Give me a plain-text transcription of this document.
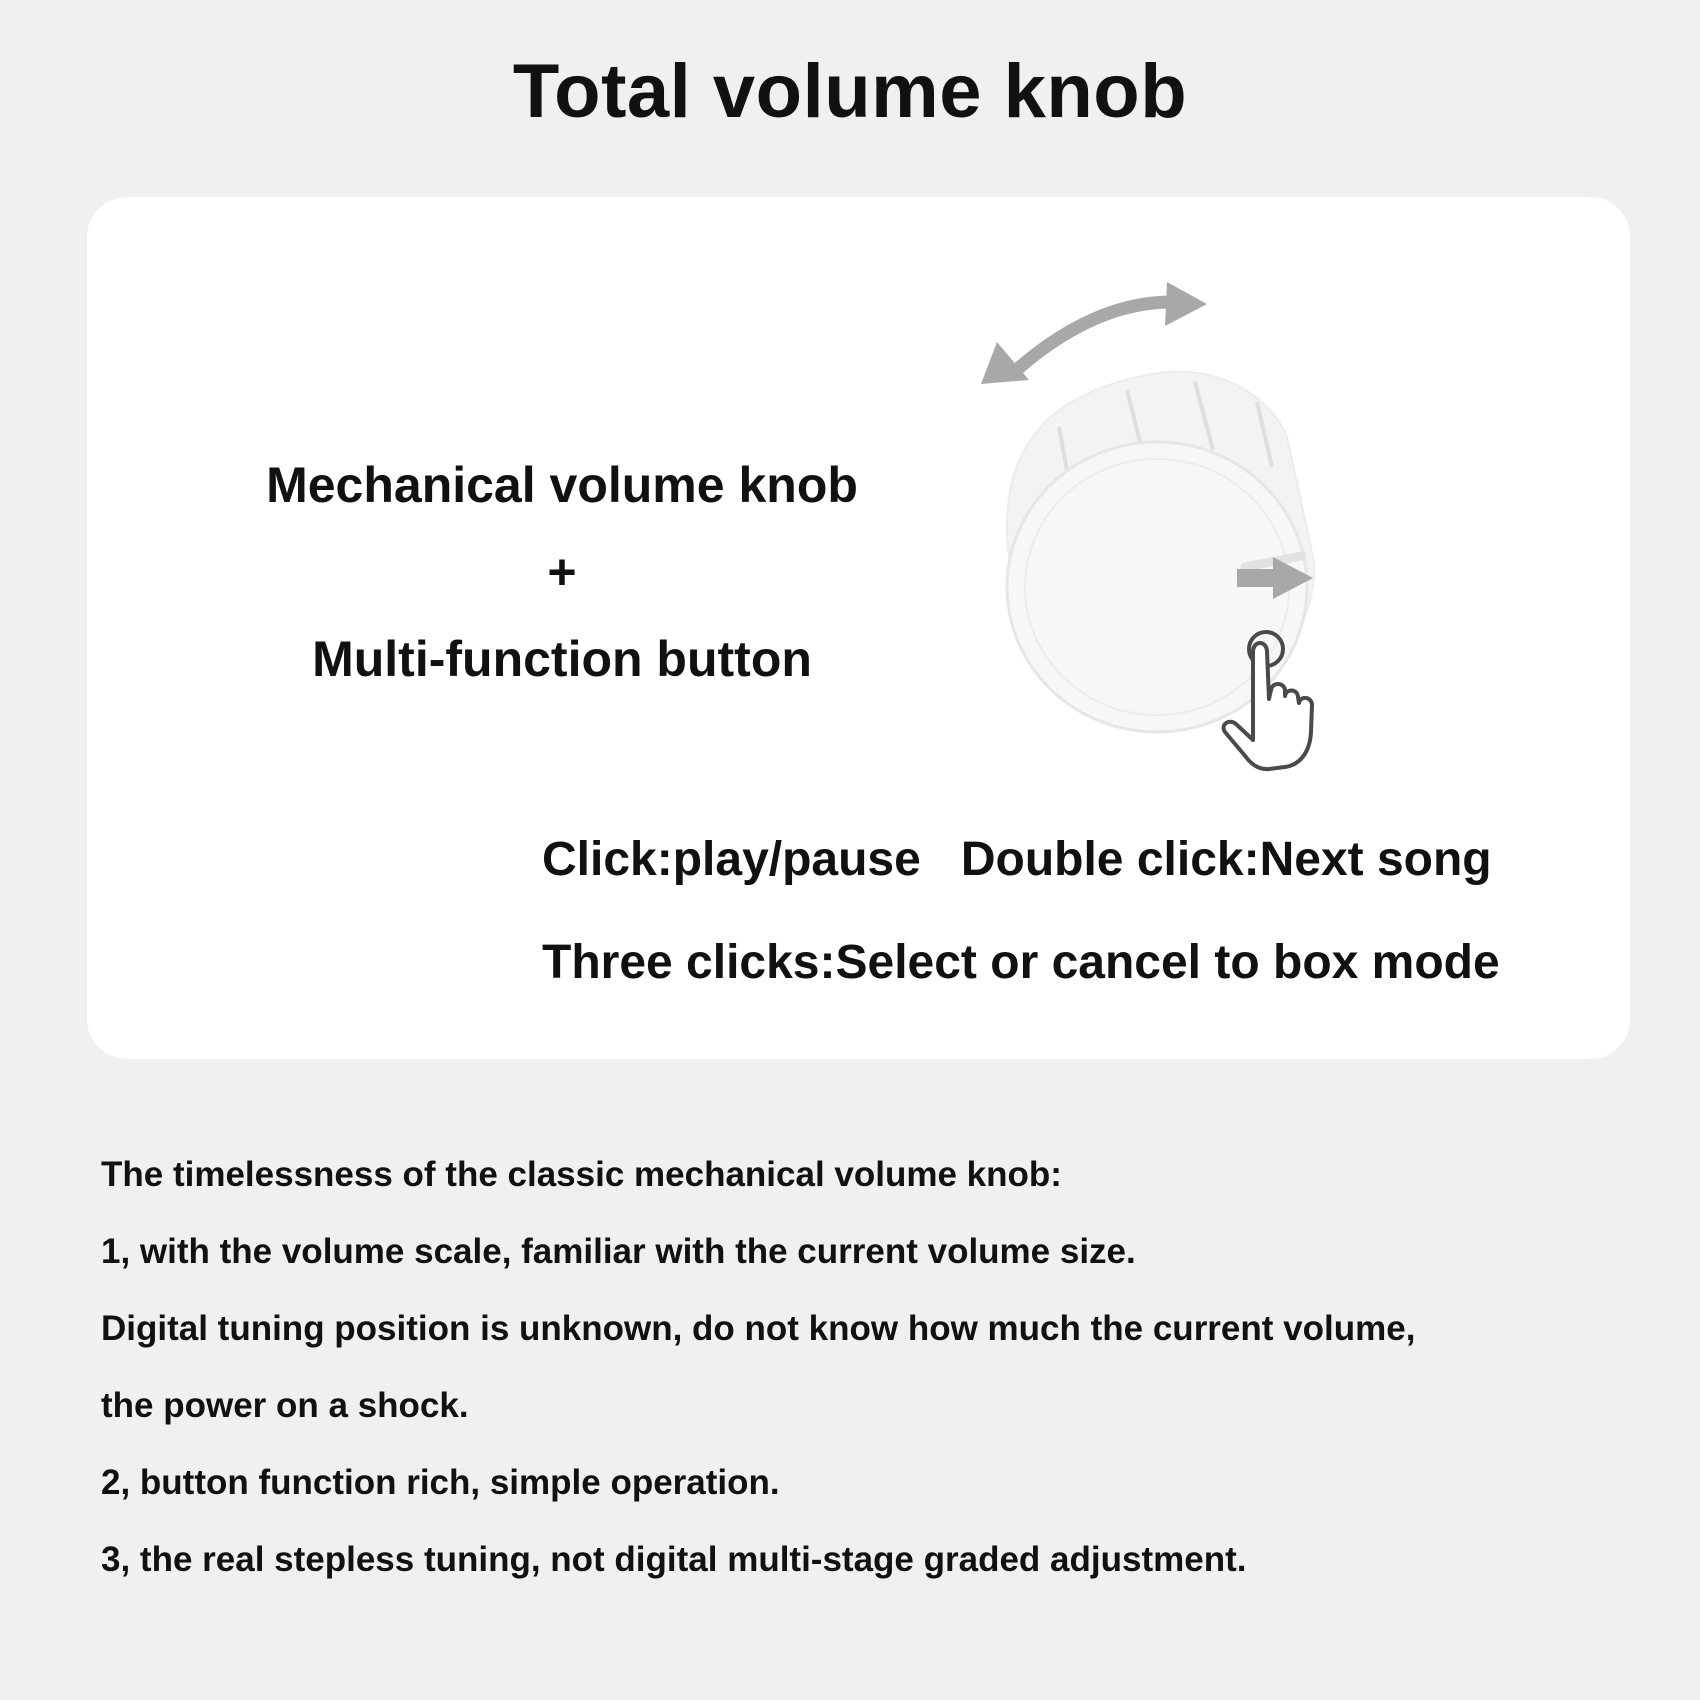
Total volume knob
Mechanical volume knob
+
Multi-function button
Click:play/pause Double click:Next song
Three clicks:Select or cancel to box mode
The timelessness of the classic mechanical volume knob:
1, with the volume scale, familiar with the current volume size.
Digital tuning position is unknown, do not know how much the current volume,
the power on a shock.
2, button function rich, simple operation.
3, the real stepless tuning, not digital multi-stage graded adjustment.
